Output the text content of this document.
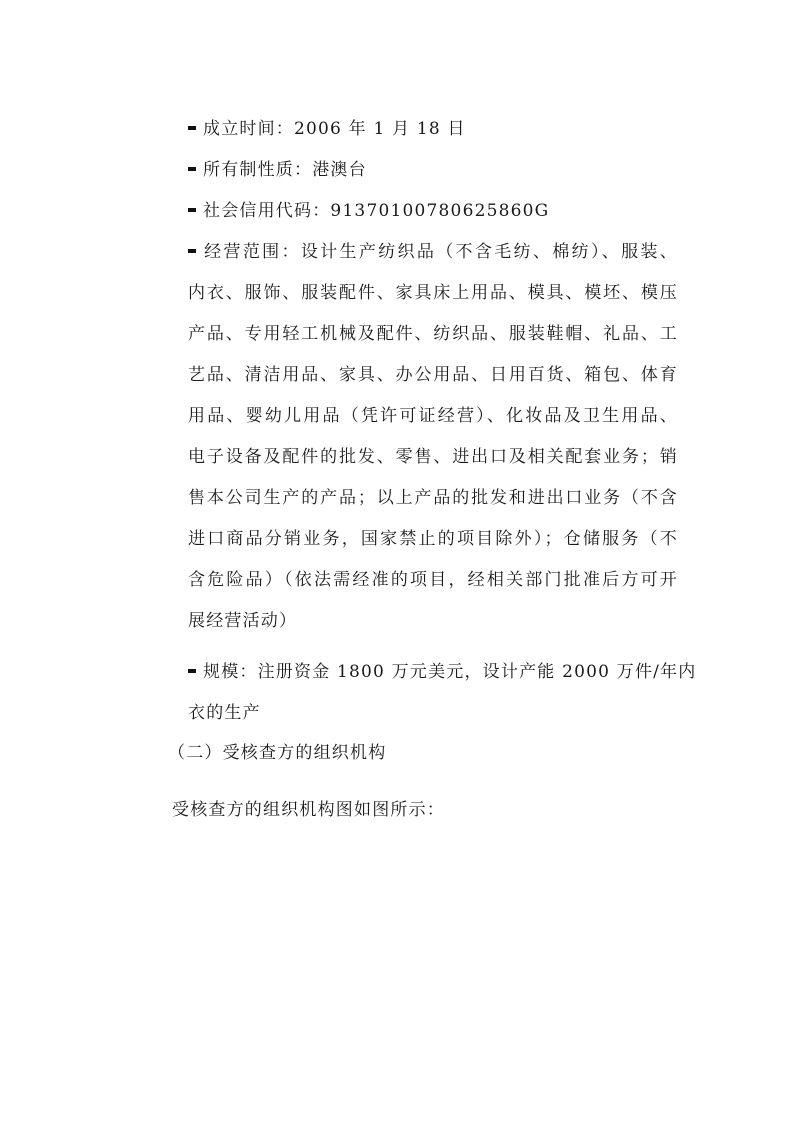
成立时间：2006 年 1 月 18 日
所有制性质：港澳台
社会信用代码：91370100780625860G
经营范围：设计生产纺织品（不含毛纺、棉纺）、服装、
内衣、服饰、服装配件、家具床上用品、模具、模坯、模压
产品、专用轻工机械及配件、纺织品、服装鞋帽、礼品、工
艺品、清洁用品、家具、办公用品、日用百货、箱包、体育
用品、婴幼儿用品（凭许可证经营）、化妆品及卫生用品、
电子设备及配件的批发、零售、进出口及相关配套业务；销
售本公司生产的产品；以上产品的批发和进出口业务（不含
进口商品分销业务，国家禁止的项目除外）；仓储服务（不
含危险品）（依法需经准的项目，经相关部门批准后方可开
展经营活动）
规模：注册资金 1800 万元美元，设计产能 2000 万件/年内
衣的生产
（二）受核查方的组织机构
受核查方的组织机构图如图所示：
